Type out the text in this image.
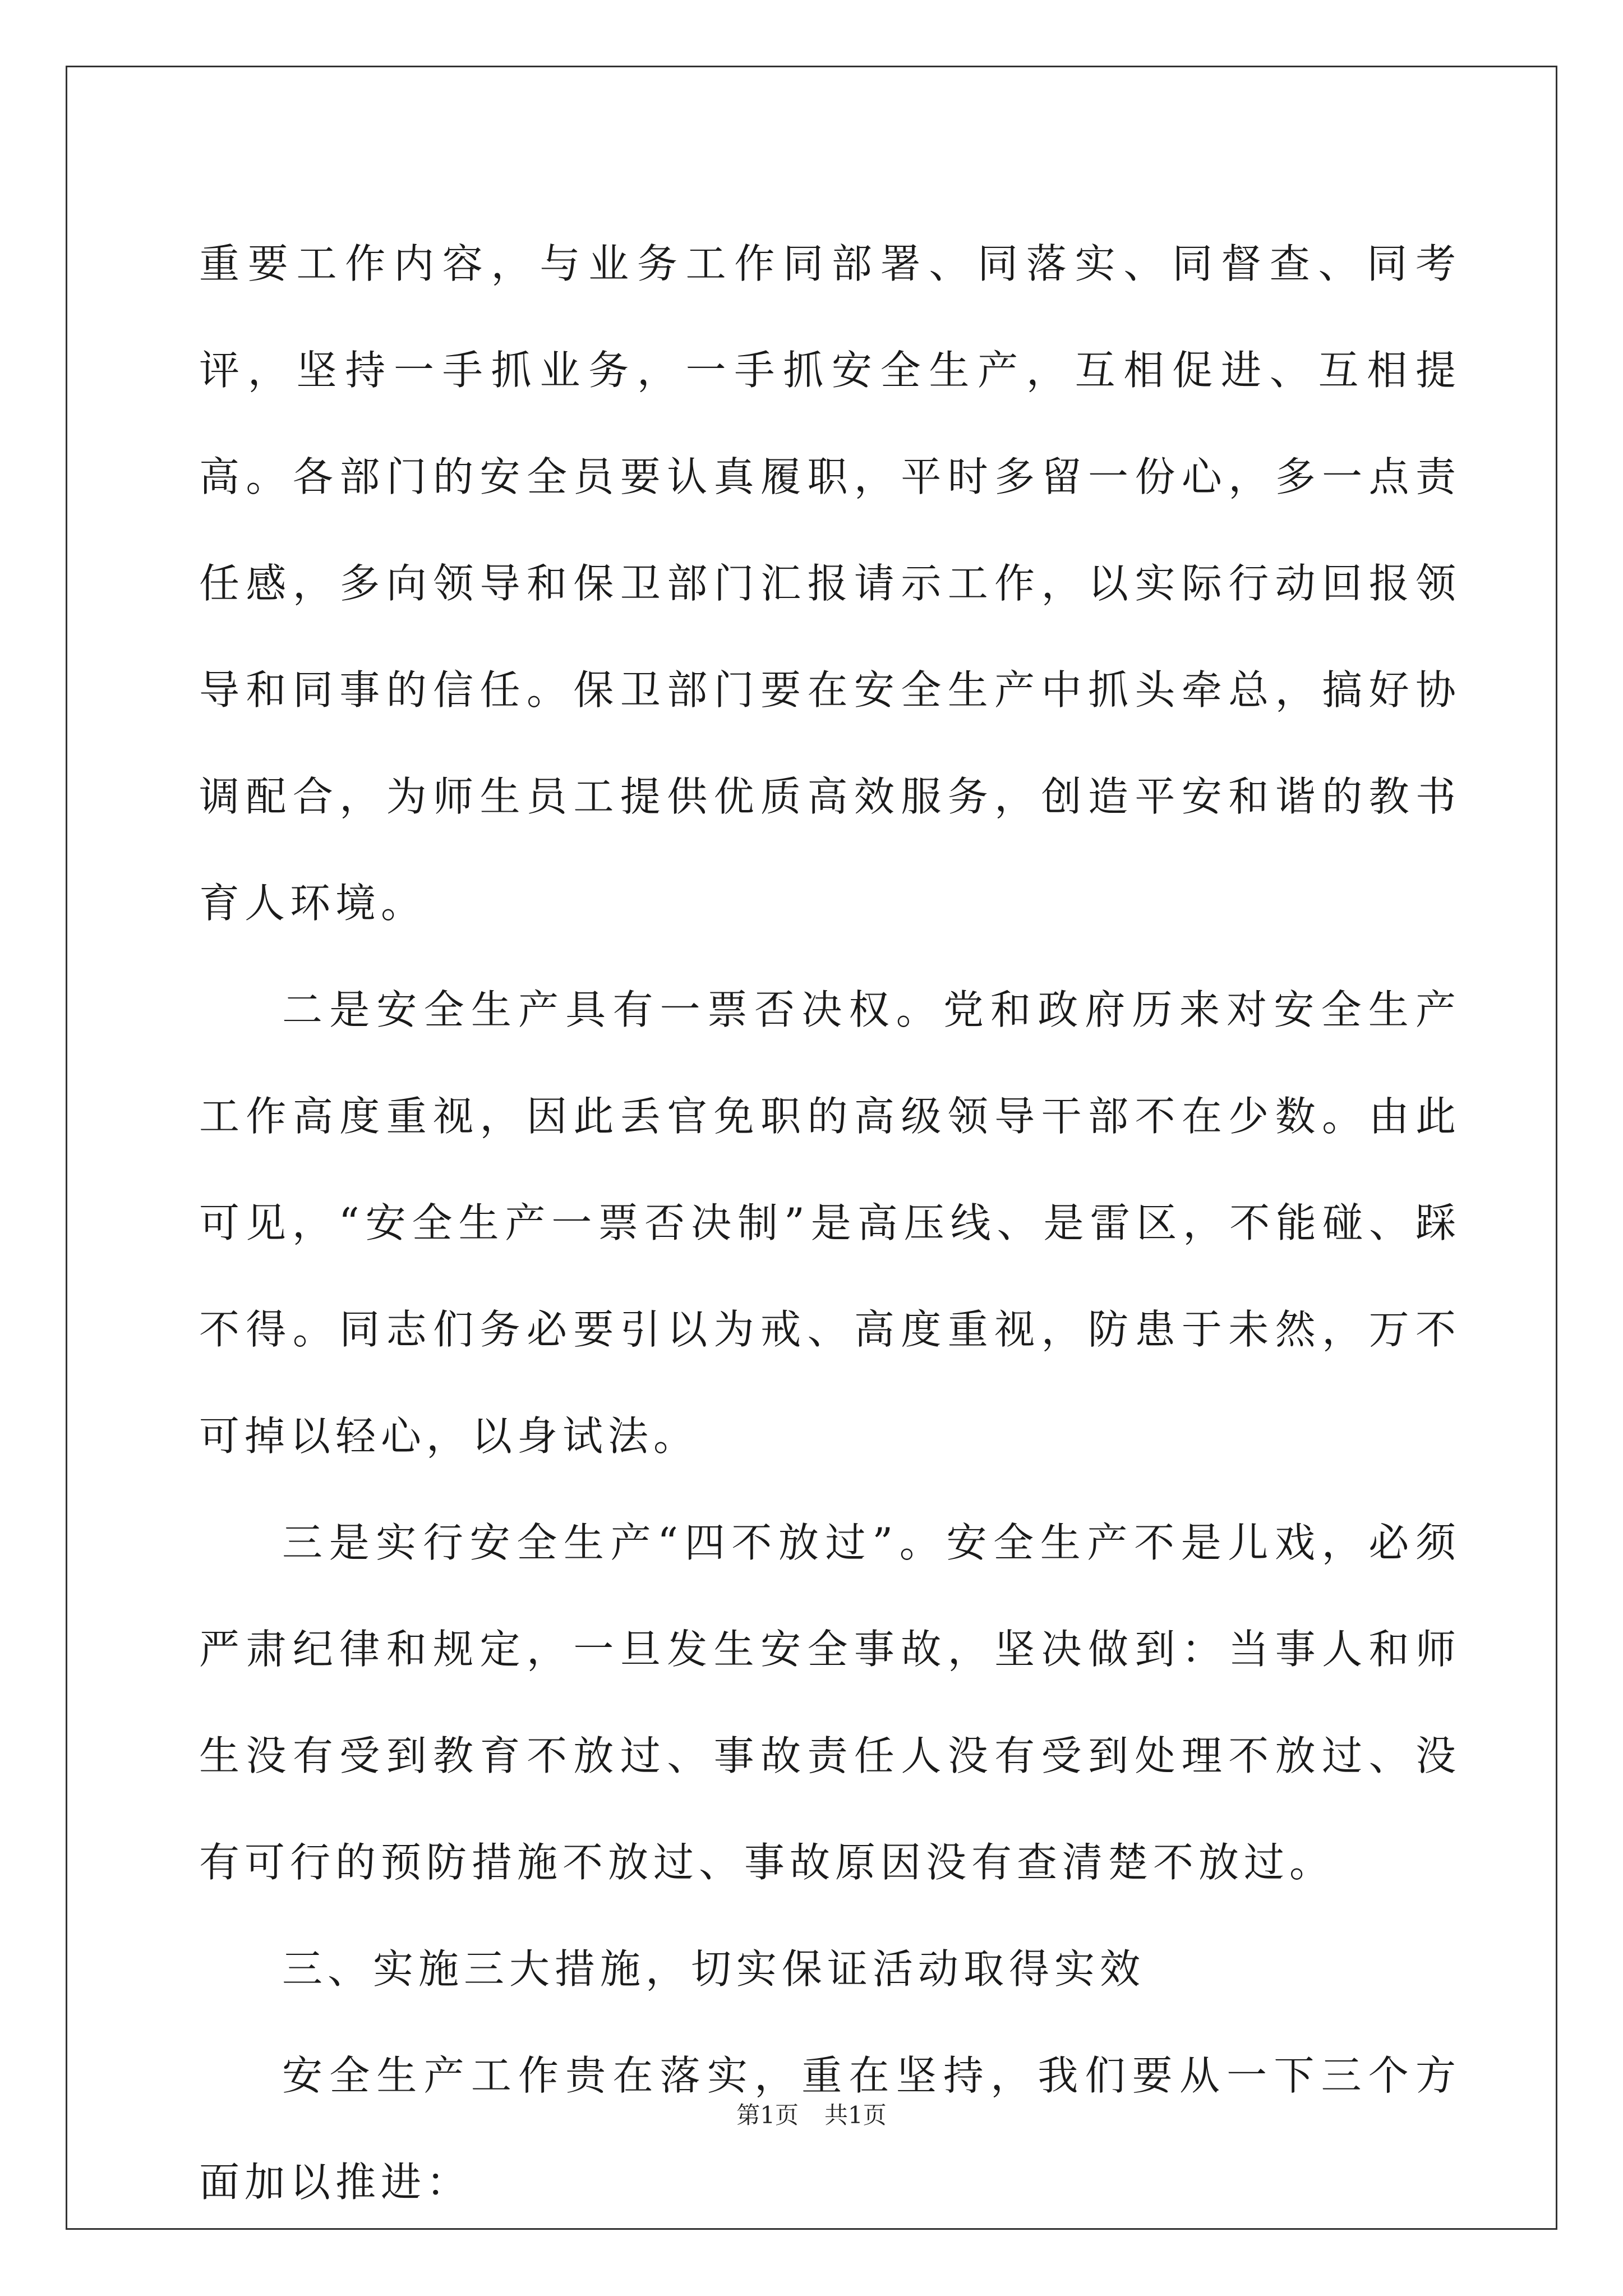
重要工作内容，与业务工作同部署、同落实、同督查、同考评，坚持一手抓业务，一手抓安全生产，互相促进、互相提高。各部门的安全员要认真履职，平时多留一份心，多一点责任感，多向领导和保卫部门汇报请示工作，以实际行动回报领导和同事的信任。保卫部门要在安全生产中抓头牵总，搞好协调配合，为师生员工提供优质高效服务，创造平安和谐的教书育人环境。

二是安全生产具有一票否决权。党和政府历来对安全生产工作高度重视，因此丢官免职的高级领导干部不在少数。由此可见，“安全生产一票否决制”是高压线、是雷区，不能碰、踩不得。同志们务必要引以为戒、高度重视，防患于未然，万不可掉以轻心，以身试法。

三是实行安全生产“四不放过”。安全生产不是儿戏，必须严肃纪律和规定，一旦发生安全事故，坚决做到：当事人和师生没有受到教育不放过、事故责任人没有受到处理不放过、没有可行的预防措施不放过、事故原因没有查清楚不放过。

三、实施三大措施，切实保证活动取得实效

安全生产工作贵在落实，重在坚持，我们要从一下三个方面加以推进：

第1页 共1页
